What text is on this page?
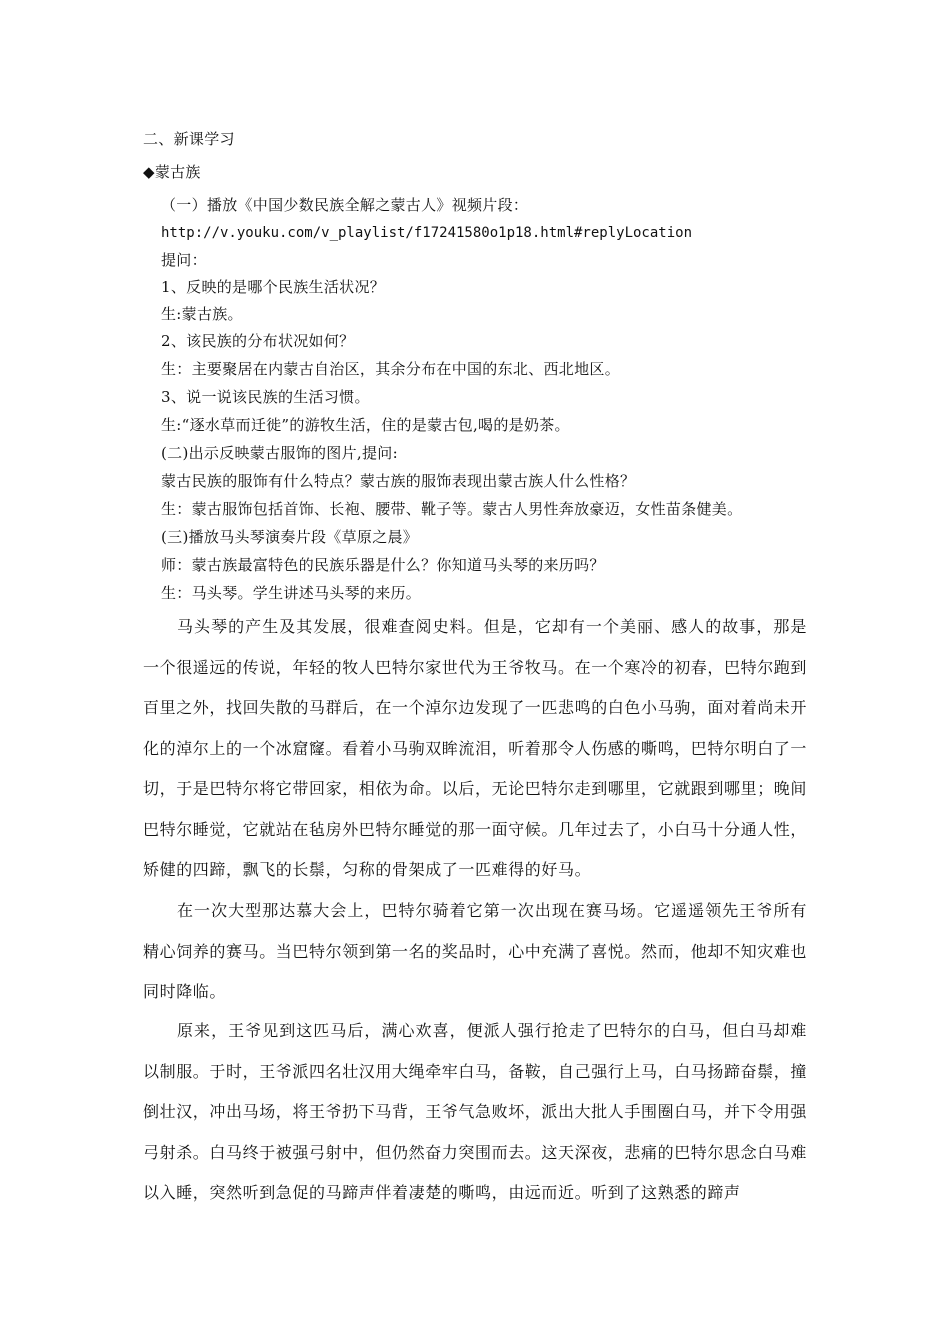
二、新课学习
◆蒙古族
（一）播放《中国少数民族全解之蒙古人》视频片段：
http://v.youku.com/v_playlist/f17241580o1p18.html#replyLocation
提问：
1、反映的是哪个民族生活状况？
生:蒙古族。
2、该民族的分布状况如何？
生：主要聚居在内蒙古自治区，其余分布在中国的东北、西北地区。
3、说一说该民族的生活习惯。
生:“逐水草而迁徙”的游牧生活，住的是蒙古包,喝的是奶茶。
(二)出示反映蒙古服饰的图片,提问:
蒙古民族的服饰有什么特点？蒙古族的服饰表现出蒙古族人什么性格？
生：蒙古服饰包括首饰、长袍、腰带、靴子等。蒙古人男性奔放豪迈，女性苗条健美。
(三)播放马头琴演奏片段《草原之晨》
师：蒙古族最富特色的民族乐器是什么？你知道马头琴的来历吗？
生：马头琴。学生讲述马头琴的来历。
马头琴的产生及其发展，很难查阅史料。但是，它却有一个美丽、感人的故事，那是一个很遥远的传说，年轻的牧人巴特尔家世代为王爷牧马。在一个寒冷的初春，巴特尔跑到百里之外，找回失散的马群后，在一个淖尔边发现了一匹悲鸣的白色小马驹，面对着尚未开化的淖尔上的一个冰窟窿。看着小马驹双眸流泪，听着那令人伤感的嘶鸣，巴特尔明白了一切，于是巴特尔将它带回家，相依为命。以后，无论巴特尔走到哪里，它就跟到哪里；晚间巴特尔睡觉，它就站在毡房外巴特尔睡觉的那一面守候。几年过去了，小白马十分通人性，矫健的四蹄，飘飞的长鬃，匀称的骨架成了一匹难得的好马。
在一次大型那达慕大会上，巴特尔骑着它第一次出现在赛马场。它遥遥领先王爷所有精心饲养的赛马。当巴特尔领到第一名的奖品时，心中充满了喜悦。然而，他却不知灾难也同时降临。
原来，王爷见到这匹马后，满心欢喜，便派人强行抢走了巴特尔的白马，但白马却难以制服。于时，王爷派四名壮汉用大绳牵牢白马，备鞍，自己强行上马，白马扬蹄奋鬃，撞倒壮汉，冲出马场，将王爷扔下马背，王爷气急败坏，派出大批人手围圈白马，并下令用强弓射杀。白马终于被强弓射中，但仍然奋力突围而去。这天深夜，悲痛的巴特尔思念白马难以入睡，突然听到急促的马蹄声伴着凄楚的嘶鸣，由远而近。听到了这熟悉的蹄声
